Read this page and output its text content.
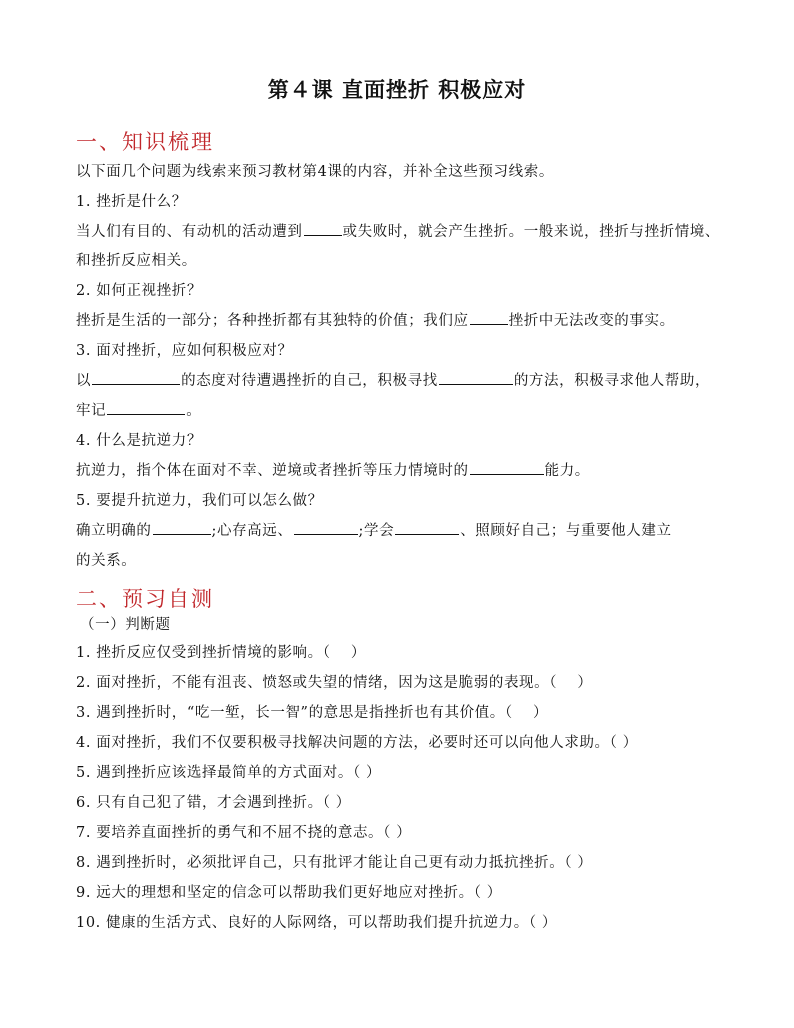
第４课 直面挫折 积极应对
一、知识梳理
以下面几个问题为线索来预习教材第4课的内容，并补全这些预习线索。
1. 挫折是什么？
当人们有目的、有动机的活动遭到	或失败时，就会产生挫折。一般来说，挫折与挫折情境、
和挫折反应相关。
2. 如何正视挫折？
挫折是生活的一部分；各种挫折都有其独特的价值；我们应	挫折中无法改变的事实。
3. 面对挫折，应如何积极应对？
以	的态度对待遭遇挫折的自己，积极寻找	的方法，积极寻求他人帮助，
牢记	。
4. 什么是抗逆力？
抗逆力，指个体在面对不幸、逆境或者挫折等压力情境时的	能力。
5. 要提升抗逆力，我们可以怎么做？
确立明确的	;心存高远、	;学会	、照顾好自己；与重要他人建立
的关系。
二、预习自测
（一）判断题
1. 挫折反应仅受到挫折情境的影响。（　 ）
2. 面对挫折，不能有沮丧、愤怒或失望的情绪，因为这是脆弱的表现。（　 ）
3. 遇到挫折时，“吃一堑，长一智”的意思是指挫折也有其价值。（　 ）
4. 面对挫折，我们不仅要积极寻找解决问题的方法，必要时还可以向他人求助。（ ）
5. 遇到挫折应该选择最简单的方式面对。（ ）
6. 只有自己犯了错，才会遇到挫折。（ ）
7. 要培养直面挫折的勇气和不屈不挠的意志。（ ）
8. 遇到挫折时，必须批评自己，只有批评才能让自己更有动力抵抗挫折。（ ）
9. 远大的理想和坚定的信念可以帮助我们更好地应对挫折。（ ）
10. 健康的生活方式、良好的人际网络，可以帮助我们提升抗逆力。（ ）
